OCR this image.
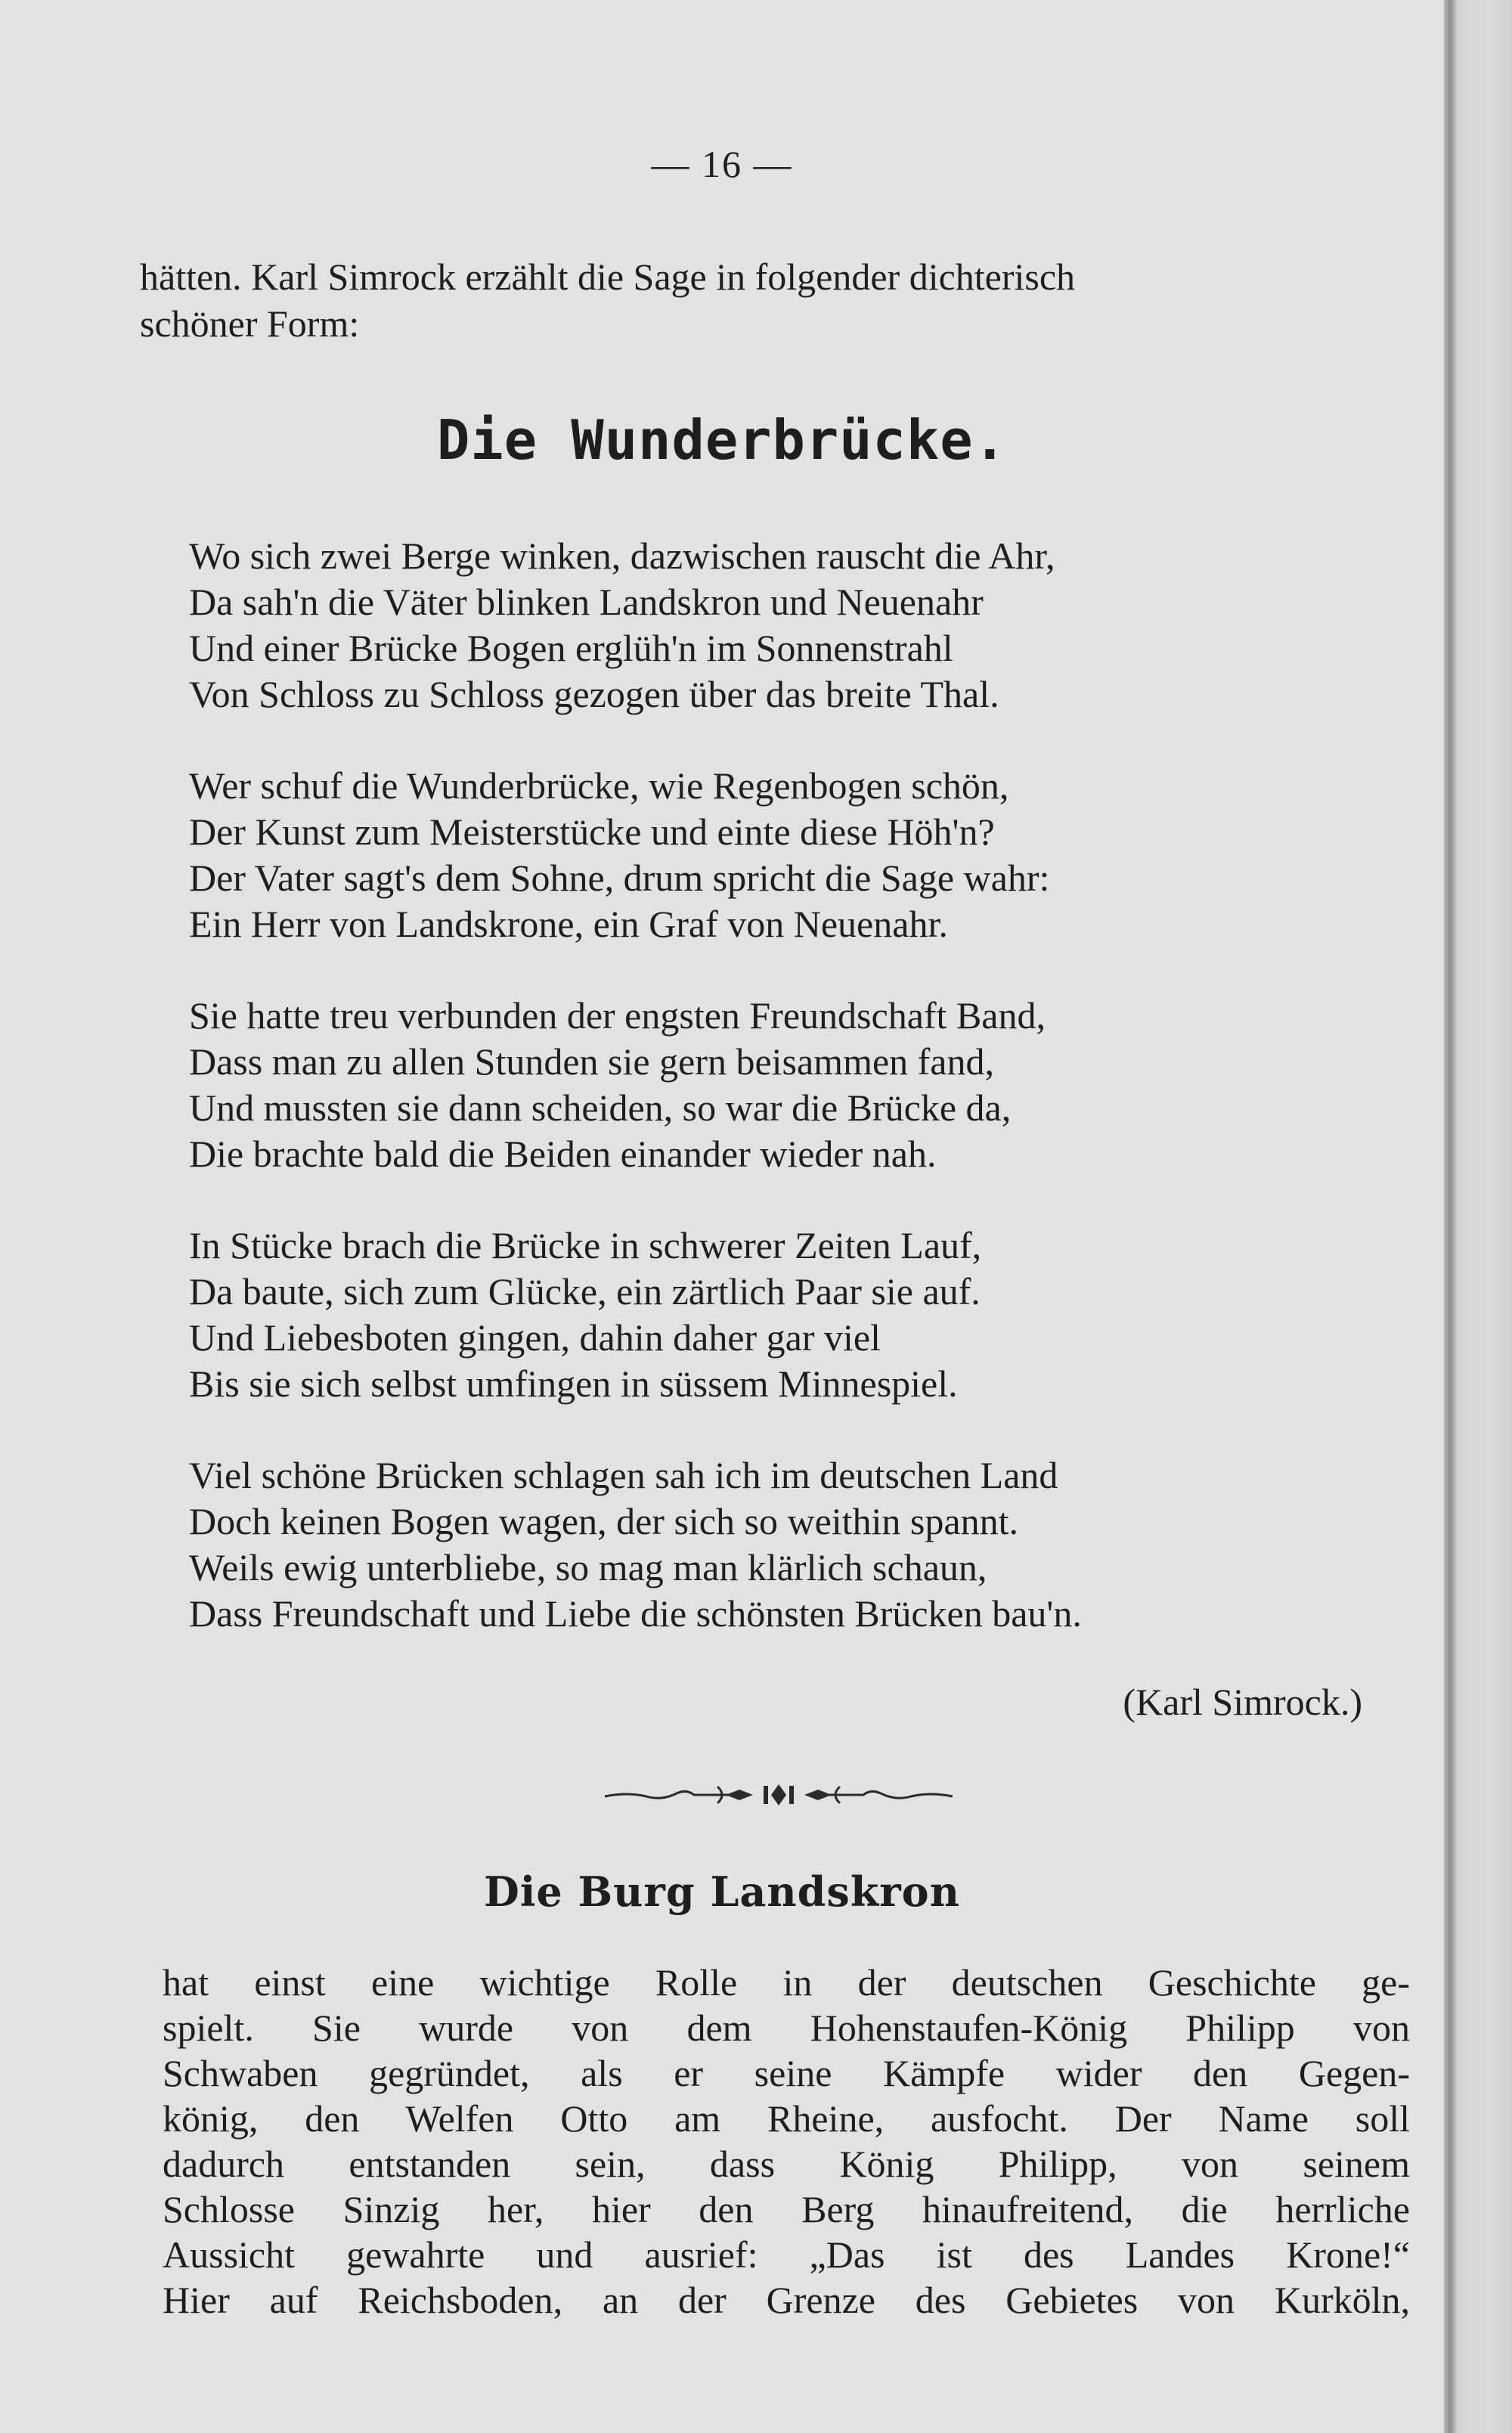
— 16 —
hätten. Karl Simrock erzählt die Sage in folgender dichterisch
schöner Form:
Die Wunderbrücke.
Wo sich zwei Berge winken, dazwischen rauscht die Ahr,
Da sah'n die Väter blinken Landskron und Neuenahr
Und einer Brücke Bogen erglüh'n im Sonnenstrahl
Von Schloss zu Schloss gezogen über das breite Thal.
Wer schuf die Wunderbrücke, wie Regenbogen schön,
Der Kunst zum Meisterstücke und einte diese Höh'n?
Der Vater sagt's dem Sohne, drum spricht die Sage wahr:
Ein Herr von Landskrone, ein Graf von Neuenahr.
Sie hatte treu verbunden der engsten Freundschaft Band,
Dass man zu allen Stunden sie gern beisammen fand,
Und mussten sie dann scheiden, so war die Brücke da,
Die brachte bald die Beiden einander wieder nah.
In Stücke brach die Brücke in schwerer Zeiten Lauf,
Da baute, sich zum Glücke, ein zärtlich Paar sie auf.
Und Liebesboten gingen, dahin daher gar viel
Bis sie sich selbst umfingen in süssem Minnespiel.
Viel schöne Brücken schlagen sah ich im deutschen Land
Doch keinen Bogen wagen, der sich so weithin spannt.
Weils ewig unterbliebe, so mag man klärlich schaun,
Dass Freundschaft und Liebe die schönsten Brücken bau'n.
(Karl Simrock.)
Die Burg Landskron
hat einst eine wichtige Rolle in der deutschen Geschichte ge-
spielt. Sie wurde von dem Hohenstaufen-König Philipp von
Schwaben gegründet, als er seine Kämpfe wider den Gegen-
könig, den Welfen Otto am Rheine, ausfocht. Der Name soll
dadurch entstanden sein, dass König Philipp, von seinem
Schlosse Sinzig her, hier den Berg hinaufreitend, die herrliche
Aussicht gewahrte und ausrief: „Das ist des Landes Krone!“
Hier auf Reichsboden, an der Grenze des Gebietes von Kurköln,
